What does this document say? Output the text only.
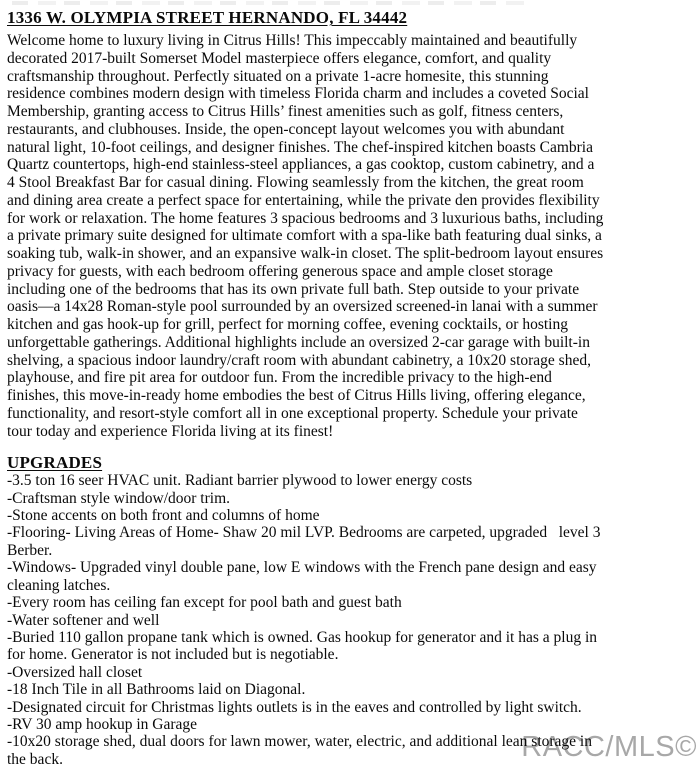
RACC/MLS©
1336 W. OLYMPIA STREET HERNANDO, FL 34442
Welcome home to luxury living in Citrus Hills! This impeccably maintained and beautifully
decorated 2017-built Somerset Model masterpiece offers elegance, comfort, and quality
craftsmanship throughout. Perfectly situated on a private 1-acre homesite, this stunning
residence combines modern design with timeless Florida charm and includes a coveted Social
Membership, granting access to Citrus Hills’ finest amenities such as golf, fitness centers,
restaurants, and clubhouses. Inside, the open-concept layout welcomes you with abundant
natural light, 10-foot ceilings, and designer finishes. The chef-inspired kitchen boasts Cambria
Quartz countertops, high-end stainless-steel appliances, a gas cooktop, custom cabinetry, and a
4 Stool Breakfast Bar for casual dining. Flowing seamlessly from the kitchen, the great room
and dining area create a perfect space for entertaining, while the private den provides flexibility
for work or relaxation. The home features 3 spacious bedrooms and 3 luxurious baths, including
a private primary suite designed for ultimate comfort with a spa-like bath featuring dual sinks, a
soaking tub, walk-in shower, and an expansive walk-in closet. The split-bedroom layout ensures
privacy for guests, with each bedroom offering generous space and ample closet storage
including one of the bedrooms that has its own private full bath. Step outside to your private
oasis—a 14x28 Roman-style pool surrounded by an oversized screened-in lanai with a summer
kitchen and gas hook-up for grill, perfect for morning coffee, evening cocktails, or hosting
unforgettable gatherings. Additional highlights include an oversized 2-car garage with built-in
shelving, a spacious indoor laundry/craft room with abundant cabinetry, a 10x20 storage shed,
playhouse, and fire pit area for outdoor fun. From the incredible privacy to the high-end
finishes, this move-in-ready home embodies the best of Citrus Hills living, offering elegance,
functionality, and resort-style comfort all in one exceptional property. Schedule your private
tour today and experience Florida living at its finest!
UPGRADES
-3.5 ton 16 seer HVAC unit. Radiant barrier plywood to lower energy costs
-Craftsman style window/door trim.
-Stone accents on both front and columns of home
-Flooring- Living Areas of Home- Shaw 20 mil LVP. Bedrooms are carpeted, upgraded   level 3
Berber.
-Windows- Upgraded vinyl double pane, low E windows with the French pane design and easy
cleaning latches.
-Every room has ceiling fan except for pool bath and guest bath
-Water softener and well
-Buried 110 gallon propane tank which is owned. Gas hookup for generator and it has a plug in
for home. Generator is not included but is negotiable.
-Oversized hall closet
-18 Inch Tile in all Bathrooms laid on Diagonal.
-Designated circuit for Christmas lights outlets is in the eaves and controlled by light switch.
-RV 30 amp hookup in Garage
-10x20 storage shed, dual doors for lawn mower, water, electric, and additional lean storage in
the back.
